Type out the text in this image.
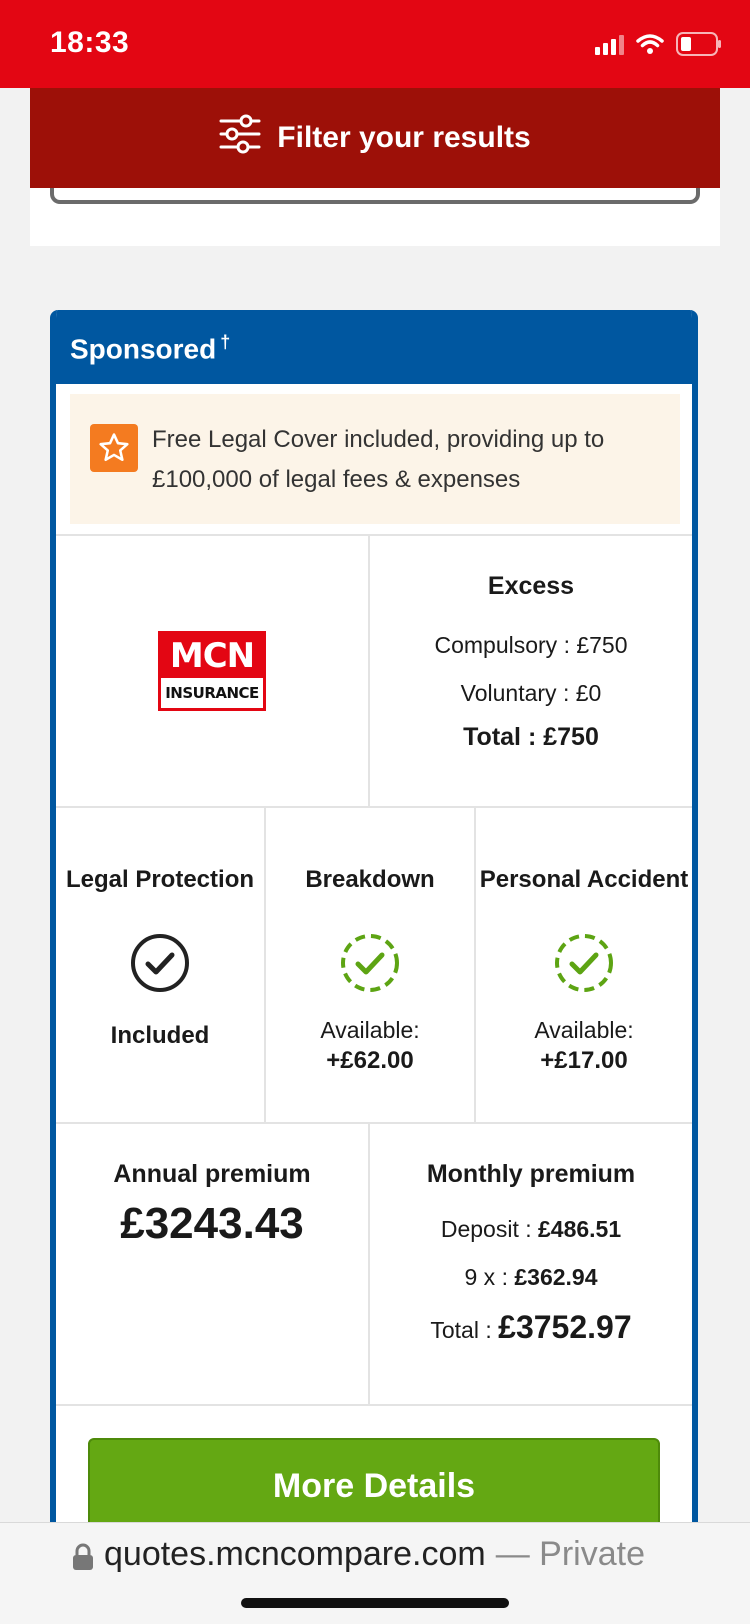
18:33
Filter your results
Sponsored †
Free Legal Cover included, providing up to £100,000 of legal fees & expenses
MCN
INSURANCE
Excess
Compulsory : £750
Voluntary : £0
Total : £750
Legal Protection
Included
Breakdown
Available:
+£62.00
Personal Accident
Available:
+£17.00
Annual premium
£3243.43
Monthly premium
Deposit : £486.51
9 x : £362.94
Total : £3752.97
More Details
quotes.mcncompare.com — Private
